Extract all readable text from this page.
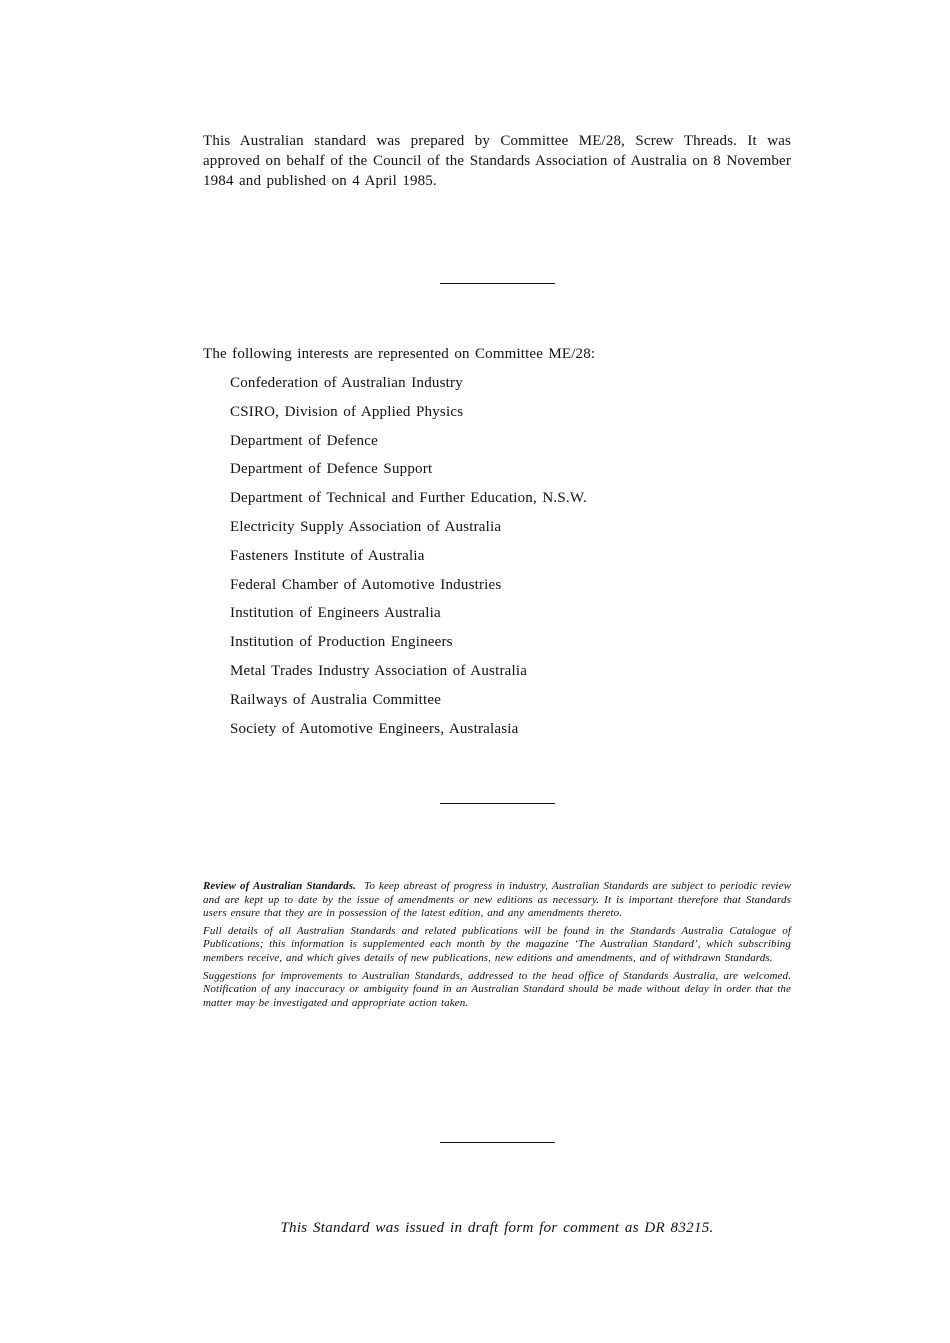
This Australian standard was prepared by Committee ME/28, Screw Threads. It was approved on behalf of the Council of the Standards Association of Australia on 8 November 1984 and published on 4 April 1985.
The following interests are represented on Committee ME/28:
Confederation of Australian Industry
CSIRO, Division of Applied Physics
Department of Defence
Department of Defence Support
Department of Technical and Further Education, N.S.W.
Electricity Supply Association of Australia
Fasteners Institute of Australia
Federal Chamber of Automotive Industries
Institution of Engineers Australia
Institution of Production Engineers
Metal Trades Industry Association of Australia
Railways of Australia Committee
Society of Automotive Engineers, Australasia

Review of Australian Standards. To keep abreast of progress in industry, Australian Standards are subject to periodic review and are kept up to date by the issue of amendments or new editions as necessary. It is important therefore that Standards users ensure that they are in possession of the latest edition, and any amendments thereto.

Full details of all Australian Standards and related publications will be found in the Standards Australia Catalogue of Publications; this information is supplemented each month by the magazine ‘The Australian Standard’, which subscribing members receive, and which gives details of new publications, new editions and amendments, and of withdrawn Standards.

Suggestions for improvements to Australian Standards, addressed to the head office of Standards Australia, are welcomed. Notification of any inaccuracy or ambiguity found in an Australian Standard should be made without delay in order that the matter may be investigated and appropriate action taken.

This Standard was issued in draft form for comment as DR 83215.
